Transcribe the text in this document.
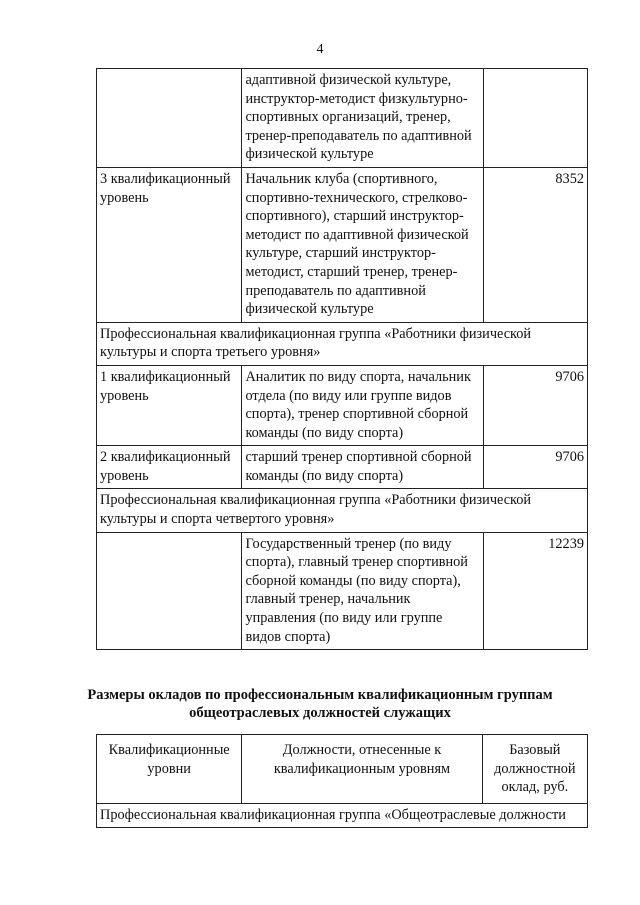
4
	адаптивной физической культуре, инструктор-методист физкультурно-спортивных организаций, тренер, тренер-преподаватель по адаптивной физической культуре	
3 квалификационный уровень	Начальник клуба (спортивного, спортивно-технического, стрелково-спортивного), старший инструктор-методист по адаптивной физической культуре, старший инструктор-методист, старший тренер, тренер-преподаватель по адаптивной физической культуре	8352
Профессиональная квалификационная группа «Работники физической культуры и спорта третьего уровня»		
1 квалификационный уровень	Аналитик по виду спорта, начальник отдела (по виду или группе видов спорта), тренер спортивной сборной команды (по виду спорта)	9706
2 квалификационный уровень	старший тренер спортивной сборной команды (по виду спорта)	9706
Профессиональная квалификационная группа «Работники физической культуры и спорта четвертого уровня»		
	Государственный тренер (по виду спорта), главный тренер спортивной сборной команды (по виду спорта), главный тренер, начальник управления (по виду или группе видов спорта)	12239
Размеры окладов по профессиональным квалификационным группам
общеотраслевых должностей служащих
Квалификационные уровни	Должности, отнесенные к квалификационным уровням	Базовый должностной оклад, руб.
Профессиональная квалификационная группа «Общеотраслевые должности
